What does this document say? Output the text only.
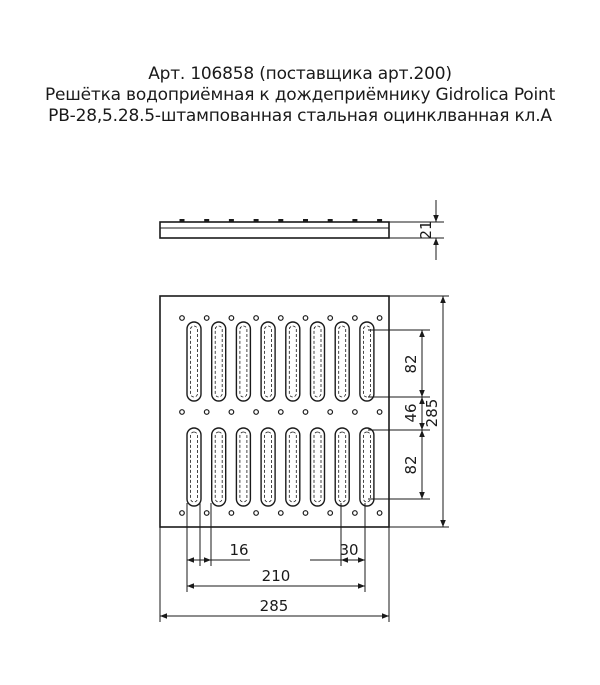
Арт. 106858 (поставщика арт.200)
Решётка водоприёмная к дождеприёмнику Gidrolica Point
РВ-28,5.28.5-штампованная стальная оцинклванная кл.А
21
82
46
82
285
16	30
210
285
